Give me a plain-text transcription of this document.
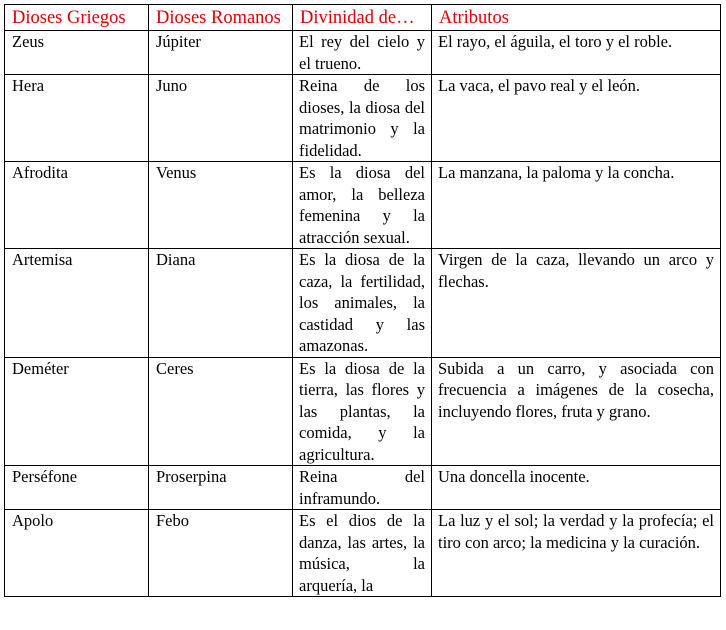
Dioses Griegos	Dioses Romanos	Divinidad de…	Atributos
Zeus	Júpiter	El rey del cielo y el trueno.	El rayo, el águila, el toro y el roble.
Hera	Juno	Reina de los dioses, la diosa del matrimonio y la fidelidad.	La vaca, el pavo real y el león.
Afrodita	Venus	Es la diosa del amor, la belleza femenina y la atracción sexual.	La manzana, la paloma y la concha.
Artemisa	Diana	Es la diosa de la caza, la fertilidad, los animales, la castidad y las amazonas.	Virgen de la caza, llevando un arco y flechas.
Deméter	Ceres	Es la diosa de la tierra, las flores y las plantas, la comida, y la agricultura.	Subida a un carro, y asociada con frecuencia a imágenes de la cosecha, incluyendo flores, fruta y grano.
Perséfone	Proserpina	Reina del inframundo.	Una doncella inocente.
Apolo	Febo	Es el dios de la danza, las artes, la música, la arquería, la	La luz y el sol; la verdad y la profecía; el tiro con arco; la medicina y la curación.
